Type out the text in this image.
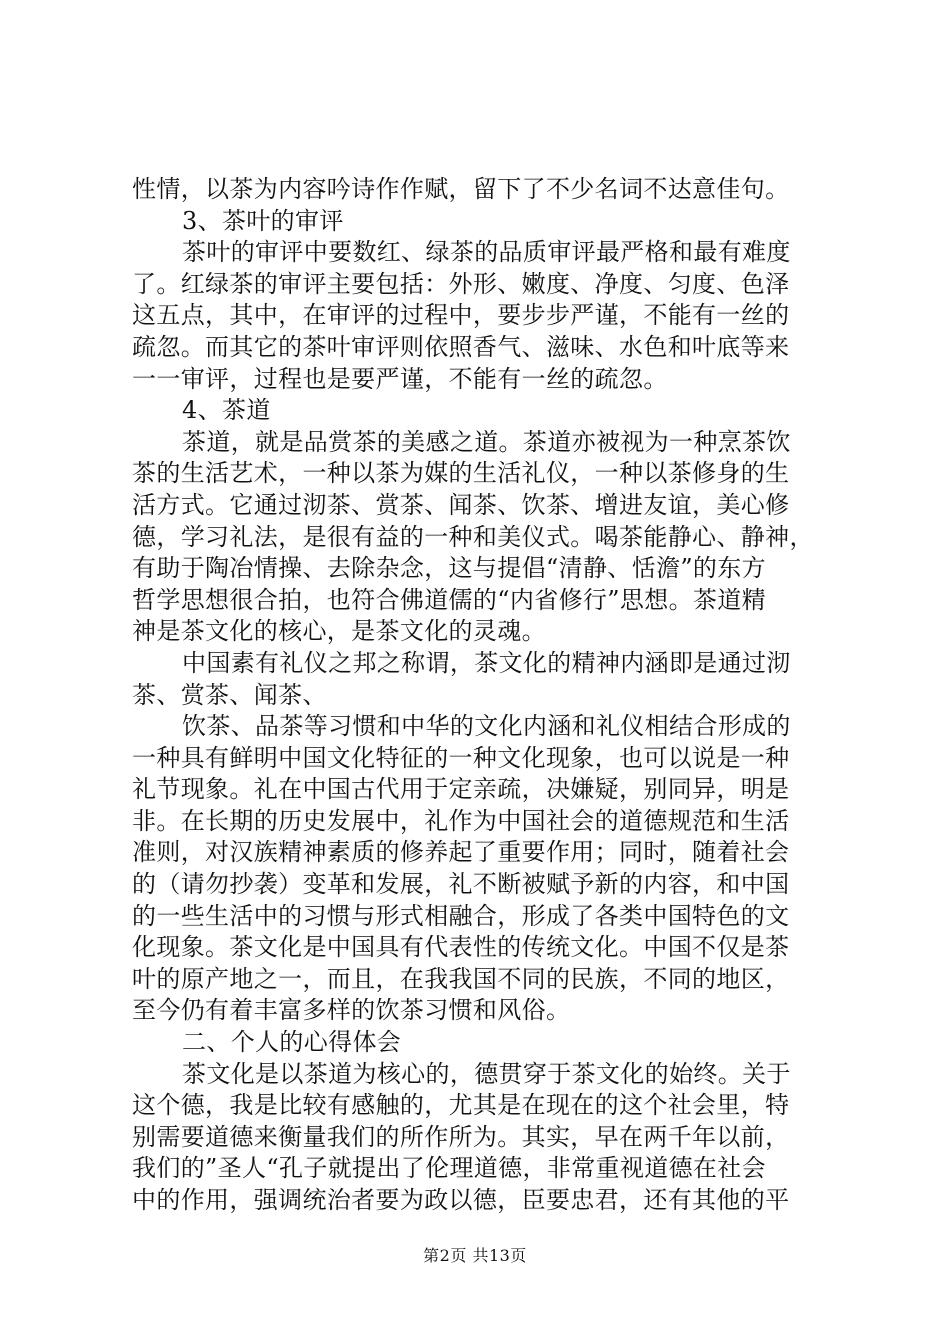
性情，以茶为内容吟诗作作赋，留下了不少名词不达意佳句。
3、茶叶的审评
茶叶的审评中要数红、绿茶的品质审评最严格和最有难度
了。红绿茶的审评主要包括：外形、嫩度、净度、匀度、色泽
这五点，其中，在审评的过程中，要步步严谨，不能有一丝的
疏忽。而其它的茶叶审评则依照香气、滋味、水色和叶底等来
一一审评，过程也是要严谨，不能有一丝的疏忽。
4、茶道
茶道，就是品赏茶的美感之道。茶道亦被视为一种烹茶饮
茶的生活艺术，一种以茶为媒的生活礼仪，一种以茶修身的生
活方式。它通过沏茶、赏茶、闻茶、饮茶、增进友谊，美心修
德，学习礼法，是很有益的一种和美仪式。喝茶能静心、静神，
有助于陶冶情操、去除杂念，这与提倡“清静、恬澹”的东方
哲学思想很合拍，也符合佛道儒的“内省修行”思想。茶道精
神是茶文化的核心，是茶文化的灵魂。
中国素有礼仪之邦之称谓，茶文化的精神内涵即是通过沏
茶、赏茶、闻茶、
饮茶、品茶等习惯和中华的文化内涵和礼仪相结合形成的
一种具有鲜明中国文化特征的一种文化现象，也可以说是一种
礼节现象。礼在中国古代用于定亲疏，决嫌疑，别同异，明是
非。在长期的历史发展中，礼作为中国社会的道德规范和生活
准则，对汉族精神素质的修养起了重要作用；同时，随着社会
的（请勿抄袭）变革和发展，礼不断被赋予新的内容，和中国
的一些生活中的习惯与形式相融合，形成了各类中国特色的文
化现象。茶文化是中国具有代表性的传统文化。中国不仅是茶
叶的原产地之一，而且，在我我国不同的民族，不同的地区，
至今仍有着丰富多样的饮茶习惯和风俗。
二、个人的心得体会
茶文化是以茶道为核心的，德贯穿于茶文化的始终。关于
这个德，我是比较有感触的，尤其是在现在的这个社会里，特
别需要道德来衡量我们的所作所为。其实，早在两千年以前，
我们的”圣人“孔子就提出了伦理道德，非常重视道德在社会
中的作用，强调统治者要为政以德，臣要忠君，还有其他的平
第2页 共13页
